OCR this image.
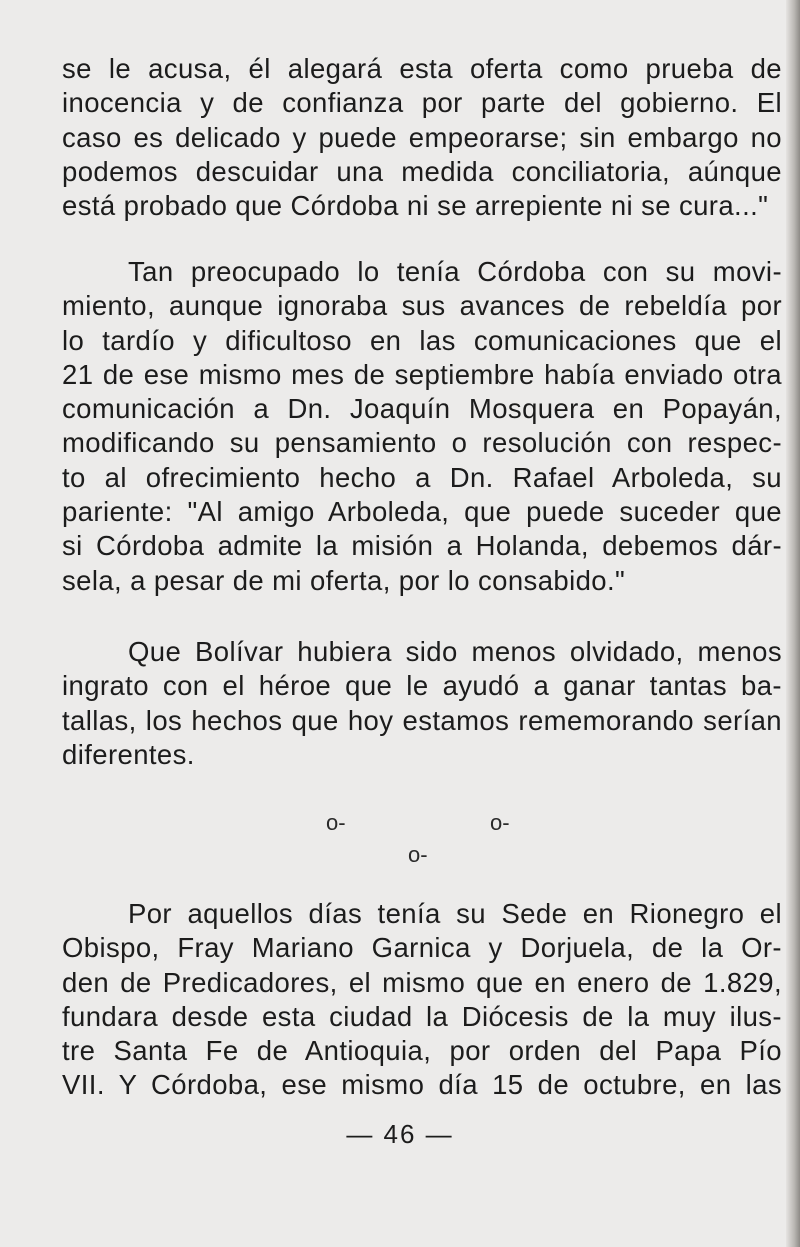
se le acusa, él alegará esta oferta como prueba de
inocencia y de confianza por parte del gobierno. El
caso es delicado y puede empeorarse; sin embargo no
podemos descuidar una medida conciliatoria, aúnque
está probado que Córdoba ni se arrepiente ni se cura..."

Tan preocupado lo tenía Córdoba con su movi-
miento, aunque ignoraba sus avances de rebeldía por
lo tardío y dificultoso en las comunicaciones que el
21 de ese mismo mes de septiembre había enviado otra
comunicación a Dn. Joaquín Mosquera en Popayán,
modificando su pensamiento o resolución con respec-
to al ofrecimiento hecho a Dn. Rafael Arboleda, su
pariente: "Al amigo Arboleda, que puede suceder que
si Córdoba admite la misión a Holanda, debemos dár-
sela, a pesar de mi oferta, por lo consabido."

Que Bolívar hubiera sido menos olvidado, menos
ingrato con el héroe que le ayudó a ganar tantas ba-
tallas, los hechos que hoy estamos rememorando serían
diferentes.

o-	o-
o-

Por aquellos días tenía su Sede en Rionegro el
Obispo, Fray Mariano Garnica y Dorjuela, de la Or-
den de Predicadores, el mismo que en enero de 1.829,
fundara desde esta ciudad la Diócesis de la muy ilus-
tre Santa Fe de Antioquia, por orden del Papa Pío
VII. Y Córdoba, ese mismo día 15 de octubre, en las

— 46 —
